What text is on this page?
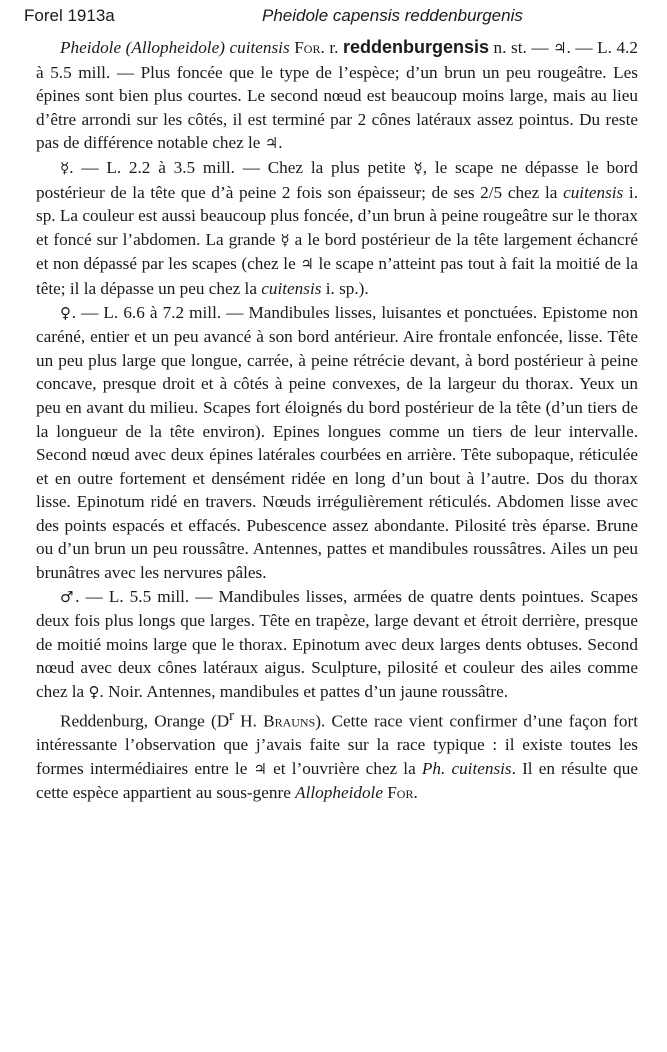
Forel 1913a	Pheidole capensis reddenburgenis

Pheidole (Allopheidole) cuitensis For. r. reddenburgensis n. st. — ♃. — L. 4.2 à 5.5 mill. — Plus foncée que le type de l’espèce; d’un brun un peu rougeâtre. Les épines sont bien plus courtes. Le second nœud est beaucoup moins large, mais au lieu d’être arrondi sur les côtés, il est terminé par 2 cônes latéraux assez pointus. Du reste pas de différence notable chez le ♃.

☿. — L. 2.2 à 3.5 mill. — Chez la plus petite ☿, le scape ne dépasse le bord postérieur de la tête que d’à peine 2 fois son épaisseur; de ses 2/5 chez la cuitensis i. sp. La couleur est aussi beaucoup plus foncée, d’un brun à peine rougeâtre sur le thorax et foncé sur l’abdomen. La grande ☿ a le bord postérieur de la tête largement échancré et non dépassé par les scapes (chez le ♃ le scape n’atteint pas tout à fait la moitié de la tête; il la dépasse un peu chez la cuitensis i. sp.).

♀. — L. 6.6 à 7.2 mill. — Mandibules lisses, luisantes et ponctuées. Epistome non caréné, entier et un peu avancé à son bord antérieur. Aire frontale enfoncée, lisse. Tête un peu plus large que longue, carrée, à peine rétrécie devant, à bord postérieur à peine concave, presque droit et à côtés à peine convexes, de la largeur du thorax. Yeux un peu en avant du milieu. Scapes fort éloignés du bord postérieur de la tête (d’un tiers de la longueur de la tête environ). Epines longues comme un tiers de leur intervalle. Second nœud avec deux épines latérales courbées en arrière. Tête subopaque, réticulée et en outre fortement et densément ridée en long d’un bout à l’autre. Dos du thorax lisse. Epinotum ridé en travers. Nœuds irrégulièrement réticulés. Abdomen lisse avec des points espacés et effacés. Pubescence assez abondante. Pilosité très éparse. Brune ou d’un brun un peu roussâtre. Antennes, pattes et mandibules roussâtres. Ailes un peu brunâtres avec les nervures pâles.

♂. — L. 5.5 mill. — Mandibules lisses, armées de quatre dents pointues. Scapes deux fois plus longs que larges. Tête en trapèze, large devant et étroit derrière, presque de moitié moins large que le thorax. Epinotum avec deux larges dents obtuses. Second nœud avec deux cônes latéraux aigus. Sculpture, pilosité et couleur des ailes comme chez la ♀. Noir. Antennes, mandibules et pattes d’un jaune roussâtre.

Reddenburg, Orange ($D^r$ H. Brauns). Cette race vient confirmer d’une façon fort intéressante l’observation que j’avais faite sur la race typique : il existe toutes les formes intermédiaires entre le ♃ et l’ouvrière chez la Ph. cuitensis. Il en résulte que cette espèce appartient au sous-genre Allopheidole For.
